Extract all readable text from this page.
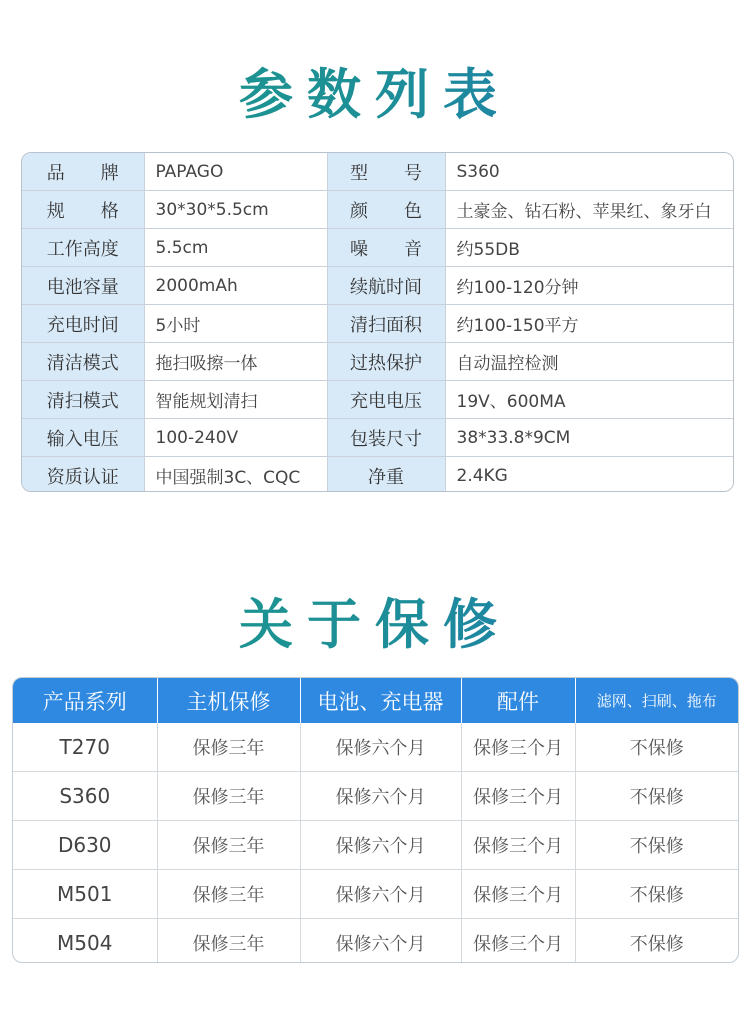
参数列表
品　　牌	PAPAGO	型　　号	S360
规　　格	30*30*5.5cm	颜　　色	土豪金、钻石粉、苹果红、象牙白
工作高度	5.5cm	噪　　音	约55DB
电池容量	2000mAh	续航时间	约100-120分钟
充电时间	5小时	清扫面积	约100-150平方
清洁模式	拖扫吸擦一体	过热保护	自动温控检测
清扫模式	智能规划清扫	充电电压	19V、600MA
输入电压	100-240V	包装尺寸	38*33.8*9CM
资质认证	中国强制3C、CQC	净重	2.4KG
关于保修
产品系列	主机保修	电池、充电器	配件	滤网、扫刷、拖布
T270	保修三年	保修六个月	保修三个月	不保修
S360	保修三年	保修六个月	保修三个月	不保修
D630	保修三年	保修六个月	保修三个月	不保修
M501	保修三年	保修六个月	保修三个月	不保修
M504	保修三年	保修六个月	保修三个月	不保修
